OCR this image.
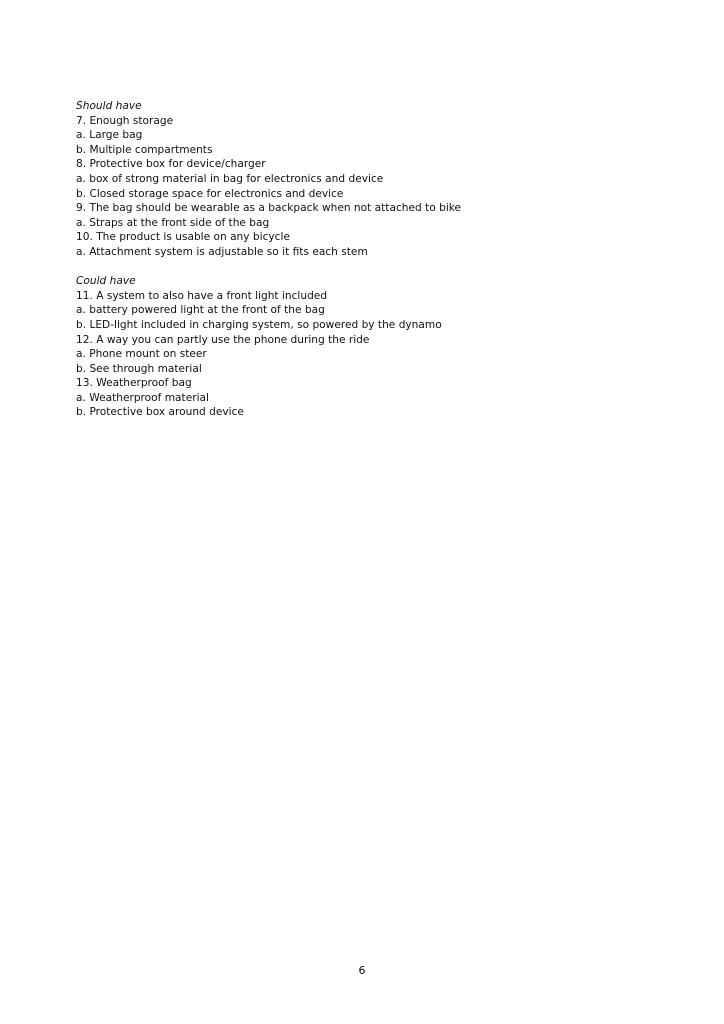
Should have
7. Enough storage
a. Large bag
b. Multiple compartments
8. Protective box for device/charger
a. box of strong material in bag for electronics and device
b. Closed storage space for electronics and device
9. The bag should be wearable as a backpack when not attached to bike
a. Straps at the front side of the bag
10. The product is usable on any bicycle
a. Attachment system is adjustable so it fits each stem
Could have
11. A system to also have a front light included
a. battery powered light at the front of the bag
b. LED-light included in charging system, so powered by the dynamo
12. A way you can partly use the phone during the ride
a. Phone mount on steer
b. See through material
13. Weatherproof bag
a. Weatherproof material
b. Protective box around device
6
